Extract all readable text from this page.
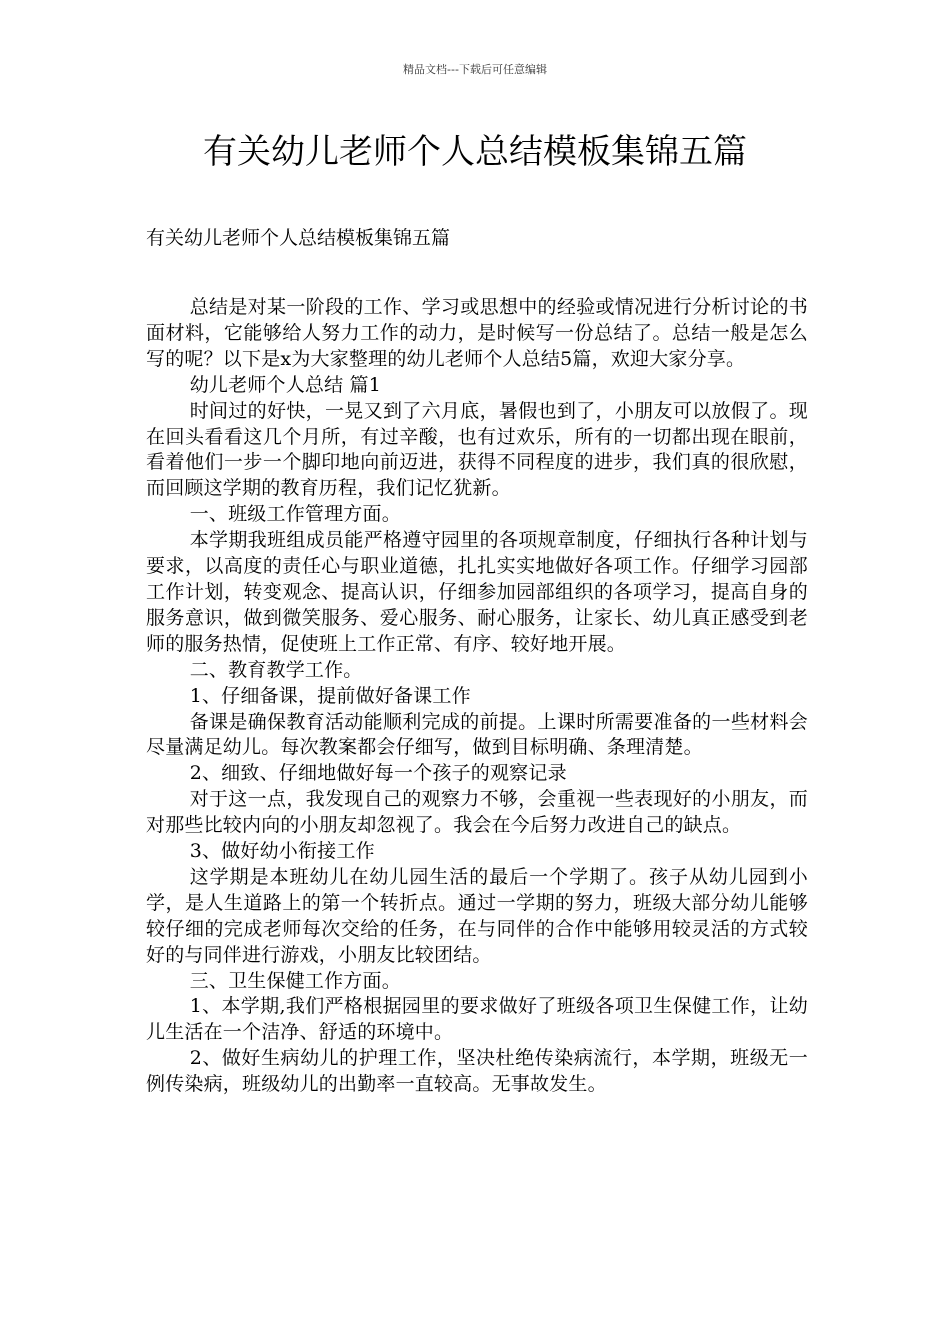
精品文档---下载后可任意编辑
有关幼儿老师个人总结模板集锦五篇
有关幼儿老师个人总结模板集锦五篇

总结是对某一阶段的工作、学习或思想中的经验或情况进行分析讨论的书面材料，它能够给人努力工作的动力，是时候写一份总结了。总结一般是怎么写的呢？以下是x为大家整理的幼儿老师个人总结5篇，欢迎大家分享。

幼儿老师个人总结 篇1

时间过的好快，一晃又到了六月底，暑假也到了，小朋友可以放假了。现在回头看看这几个月所，有过辛酸，也有过欢乐，所有的一切都出现在眼前，看着他们一步一个脚印地向前迈进，获得不同程度的进步，我们真的很欣慰，而回顾这学期的教育历程，我们记忆犹新。

一、班级工作管理方面。

本学期我班组成员能严格遵守园里的各项规章制度，仔细执行各种计划与要求，以高度的责任心与职业道德，扎扎实实地做好各项工作。仔细学习园部工作计划，转变观念、提高认识，仔细参加园部组织的各项学习，提高自身的服务意识，做到微笑服务、爱心服务、耐心服务，让家长、幼儿真正感受到老师的服务热情，促使班上工作正常、有序、较好地开展。

二、教育教学工作。

1、仔细备课，提前做好备课工作

备课是确保教育活动能顺利完成的前提。上课时所需要准备的一些材料会尽量满足幼儿。每次教案都会仔细写，做到目标明确、条理清楚。

2、细致、仔细地做好每一个孩子的观察记录

对于这一点，我发现自己的观察力不够，会重视一些表现好的小朋友，而对那些比较内向的小朋友却忽视了。我会在今后努力改进自己的缺点。

3、做好幼小衔接工作

这学期是本班幼儿在幼儿园生活的最后一个学期了。孩子从幼儿园到小学，是人生道路上的第一个转折点。通过一学期的努力，班级大部分幼儿能够较仔细的完成老师每次交给的任务，在与同伴的合作中能够用较灵活的方式较好的与同伴进行游戏，小朋友比较团结。

三、卫生保健工作方面。

1、本学期,我们严格根据园里的要求做好了班级各项卫生保健工作，让幼儿生活在一个洁净、舒适的环境中。

2、做好生病幼儿的护理工作，坚决杜绝传染病流行，本学期，班级无一例传染病，班级幼儿的出勤率一直较高。无事故发生。
